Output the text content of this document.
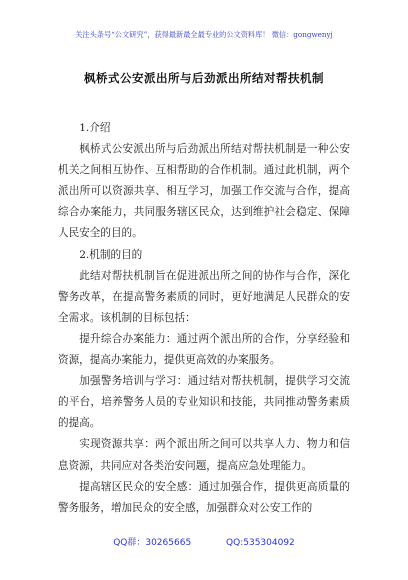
关注头条号“公文研究”，获得最新最全最专业的公文资料库！ 微信：gongwenyj
枫桥式公安派出所与后劲派出所结对帮扶机制

1.介绍

枫桥式公安派出所与后劲派出所结对帮扶机制是一种公安机关之间相互协作、互相帮助的合作机制。通过此机制，两个派出所可以资源共享、相互学习，加强工作交流与合作，提高综合办案能力，共同服务辖区民众，达到维护社会稳定、保障人民安全的目的。

2.机制的目的

此结对帮扶机制旨在促进派出所之间的协作与合作，深化警务改革，在提高警务素质的同时，更好地满足人民群众的安全需求。该机制的目标包括：

提升综合办案能力：通过两个派出所的合作，分享经验和资源，提高办案能力，提供更高效的办案服务。

加强警务培训与学习：通过结对帮扶机制，提供学习交流的平台，培养警务人员的专业知识和技能，共同推动警务素质的提高。

实现资源共享：两个派出所之间可以共享人力、物力和信息资源，共同应对各类治安问题，提高应急处理能力。

提高辖区民众的安全感：通过加强合作，提供更高质量的警务服务，增加民众的安全感，加强群众对公安工作的

QQ群：30265665	QQ:535304092
